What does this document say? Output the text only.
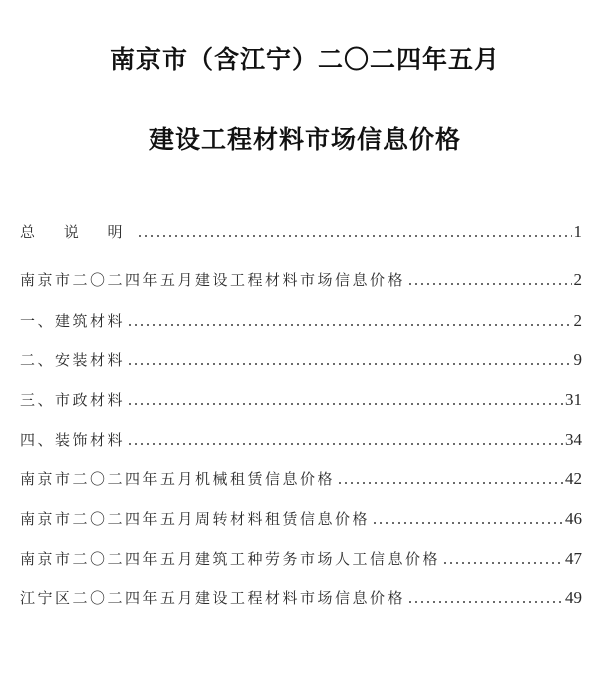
南京市（含江宁）二〇二四年五月
建设工程材料市场信息价格
总 说 明	1
南京市二〇二四年五月建设工程材料市场信息价格	2
一、建筑材料	2
二、安装材料	9
三、市政材料	31
四、装饰材料	34
南京市二〇二四年五月机械租赁信息价格	42
南京市二〇二四年五月周转材料租赁信息价格	46
南京市二〇二四年五月建筑工种劳务市场人工信息价格	47
江宁区二〇二四年五月建设工程材料市场信息价格	49
